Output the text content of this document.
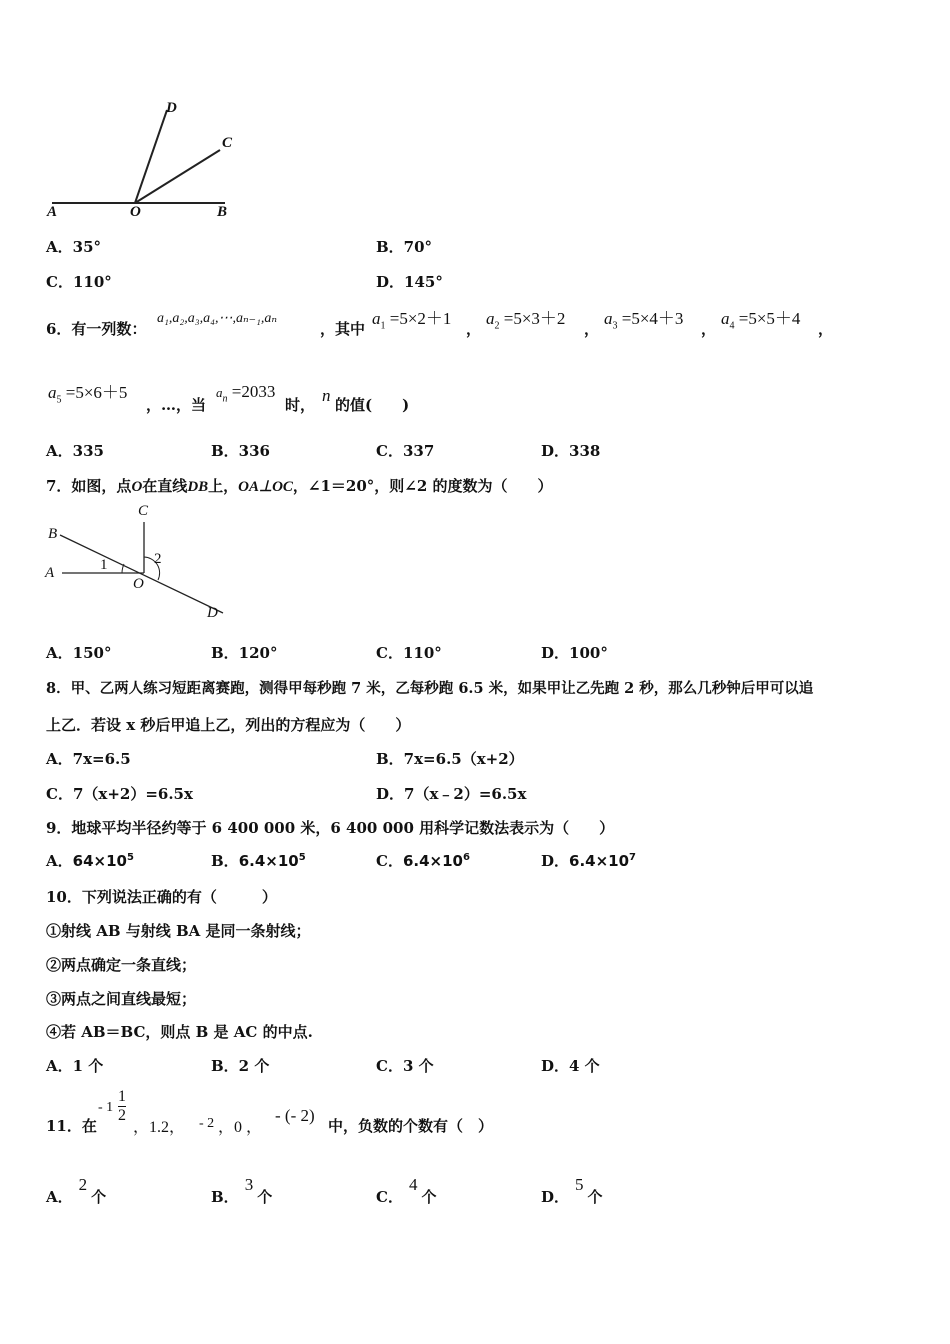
A	O	B
C
D
A．35°	B．70°
C．110°	D．145°
6．有一列数：
a₁,a₂,a₃,a₄,⋯,aₙ₋₁,aₙ
，其中
$a_1 =5\times 2+1$
，
$a_2 =5\times 3+2$
，
$a_3 =5\times 4+3$
，
$a_4 =5\times 5+4$
，
$a_5 =5\times 6+5$
，…，当
$a_n =2033$
时， n 的值(　　)
A．335	B．336	C．337	D．338
7．如图，点O在直线DB上，OA⊥OC，∠1＝20°，则∠2 的度数为（　　）
B
C
A	1	2
O
D
A．150°	B．120°	C．110°	D．100°
8．甲、乙两人练习短距离赛跑，测得甲每秒跑 7 米，乙每秒跑 6.5 米，如果甲让乙先跑 2 秒，那么几秒钟后甲可以追
上乙．若设 x 秒后甲追上乙，列出的方程应为（　　）
A．7x=6.5	B．7x=6.5（x+2）
C．7（x+2）=6.5x	D．7（x﹣2）=6.5x
9．地球平均半径约等于 6 400 000 米，6 400 000 用科学记数法表示为（　　）
A．$64\times 10^5$	B．$6.4\times 10^5$	C．$6.4\times 10^6$	D．$6.4\times 10^7$
10．下列说法正确的有（　　　）
①射线 AB 与射线 BA 是同一条射线；
②两点确定一条直线；
③两点之间直线最短；
④若 AB＝BC，则点 B 是 AC 的中点.
A．1 个	B．2 个	C．3 个	D．4 个
11．在
- $1 \frac{1}{2}$
，1.2， - 2 ，0 ，
- (- 2)
中，负数的个数有（　）
A．2个	B．3个	C．4个	D．5个
